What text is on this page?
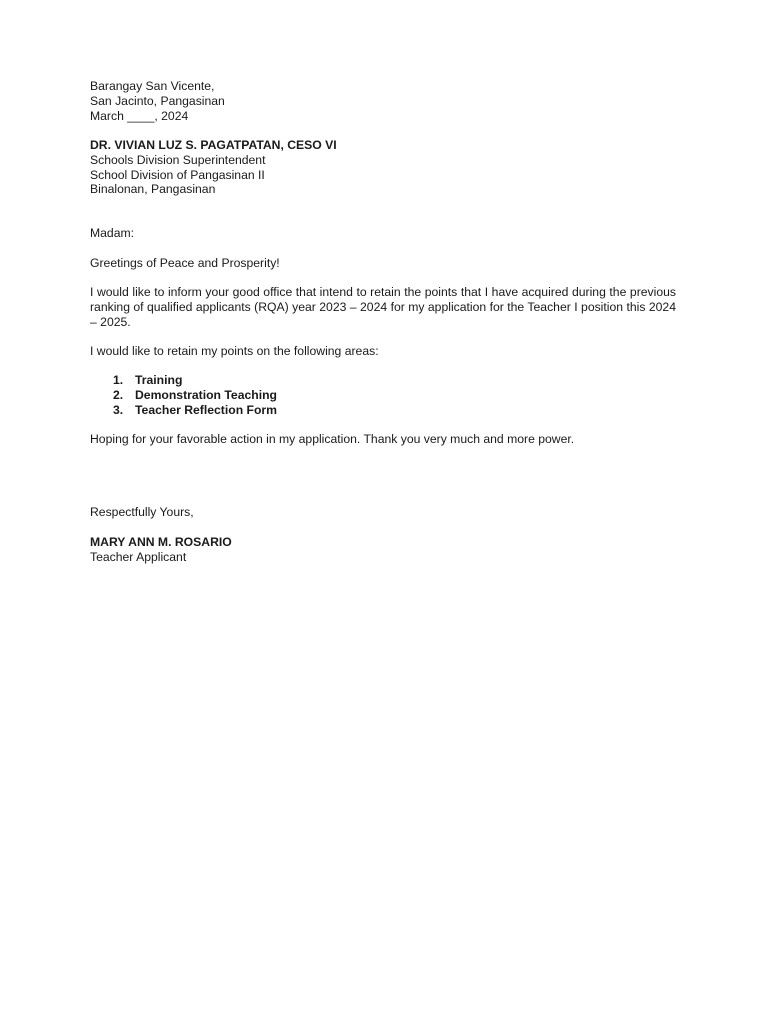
Barangay San Vicente,
San Jacinto, Pangasinan
March ____, 2024
DR. VIVIAN LUZ S. PAGATPATAN, CESO VI
Schools Division Superintendent
School Division of Pangasinan II
Binalonan, Pangasinan
Madam:
Greetings of Peace and Prosperity!
I would like to inform your good office that intend to retain the points that I have acquired during the previous ranking of qualified applicants (RQA) year 2023 – 2024 for my application for the Teacher I position this 2024 – 2025.
I would like to retain my points on the following areas:
1. Training
2. Demonstration Teaching
3. Teacher Reflection Form
Hoping for your favorable action in my application. Thank you very much and more power.
Respectfully Yours,
MARY ANN M. ROSARIO
Teacher Applicant
